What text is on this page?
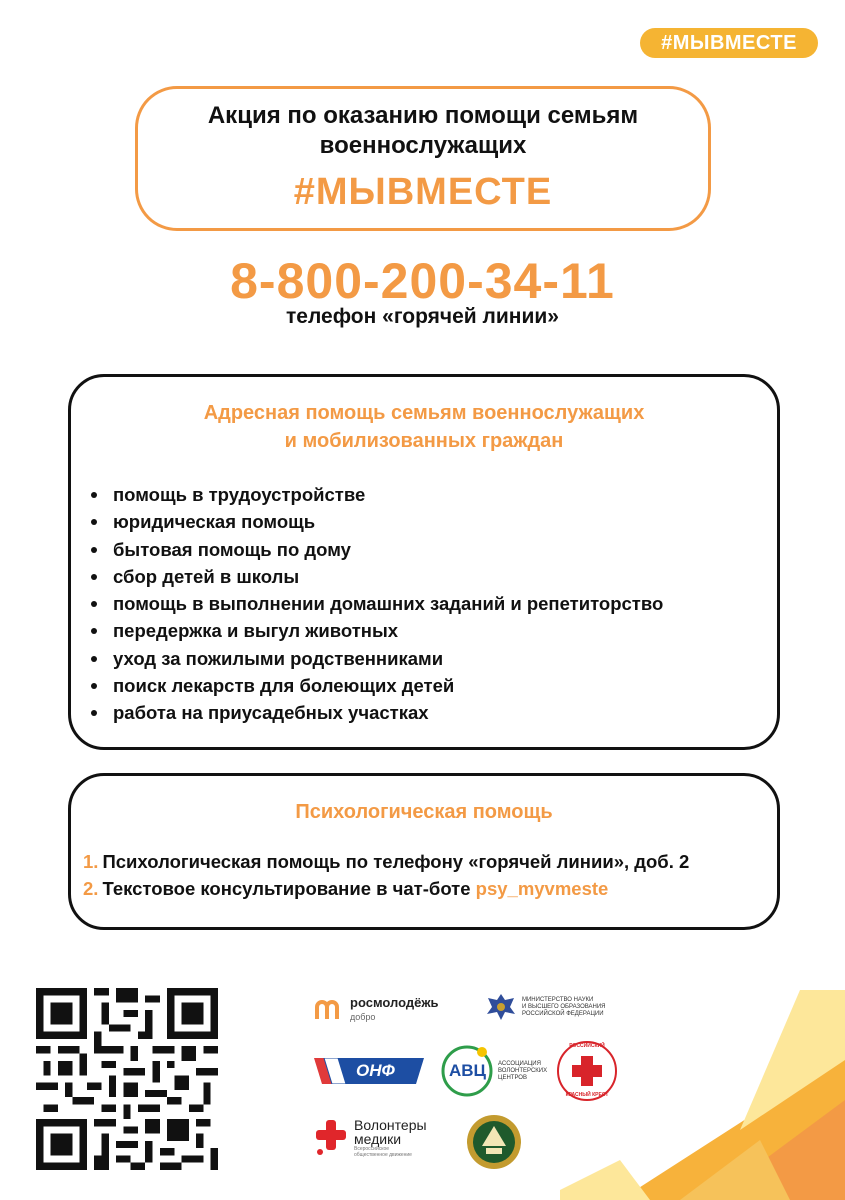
#МЫВМЕСТЕ
Акция по оказанию помощи семьям военнослужащих
#МЫВМЕСТЕ
8-800-200-34-11
телефон «горячей линии»
Адресная помощь семьям военнослужащих
и мобилизованных граждан
помощь в трудоустройстве
юридическая помощь
бытовая помощь по дому
сбор детей в школы
помощь в выполнении домашних заданий и репетиторство
передержка и выгул животных
уход за пожилыми родственниками
поиск лекарств для болеющих детей
работа на приусадебных участках
Психологическая помощь
1. Психологическая помощь по телефону «горячей линии», доб. 2
2. Текстовое консультирование в чат-боте psy_myvmeste
росмолодёжь
добро
МИНИСТЕРСТВО НАУКИ
И ВЫСШЕГО ОБРАЗОВАНИЯ
РОССИЙСКОЙ ФЕДЕРАЦИИ
ОНФ	АВЦ АССОЦИАЦИЯ
ВОЛОНТЕРСКИХ
ЦЕНТРОВ
РОССИЙСКИЙ
КРАСНЫЙ КРЕСТ
Волонтеры
медики
Всероссийское
общественное движение
